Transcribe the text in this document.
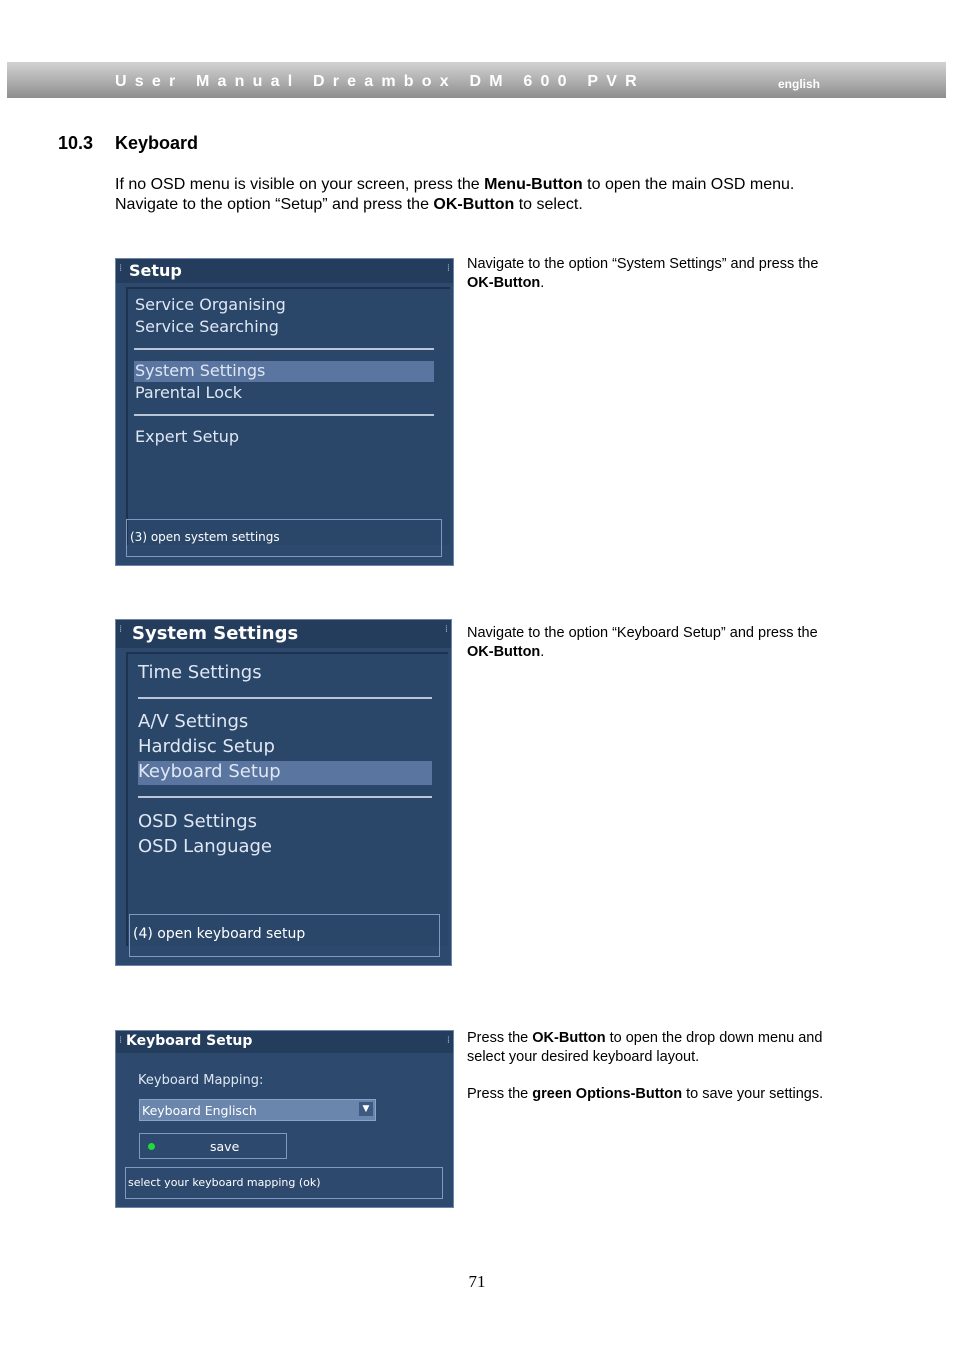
User Manual Dreambox DM 600 PVR	english
10.3 Keyboard
If no OSD menu is visible on your screen, press the Menu-Button to open the main OSD menu. Navigate to the option “Setup” and press the OK-Button to select.
⁞ Setup	⁞
Service Organising
Service Searching
System Settings
Parental Lock
Expert Setup
(3) open system settings

Navigate to the option “System Settings” and press the OK-Button.

⁞ System Settings	⁞
Time Settings
A/V Settings
Harddisc Setup
Keyboard Setup
OSD Settings
OSD Language
(4) open keyboard setup

Navigate to the option “Keyboard Setup” and press the OK-Button.

⁞ Keyboard Setup	⁞
Keyboard Mapping:
Keyboard Englisch	▼
save
select your keyboard mapping (ok)

Press the OK-Button to open the drop down menu and select your desired keyboard layout.

Press the green Options-Button to save your settings.

71
